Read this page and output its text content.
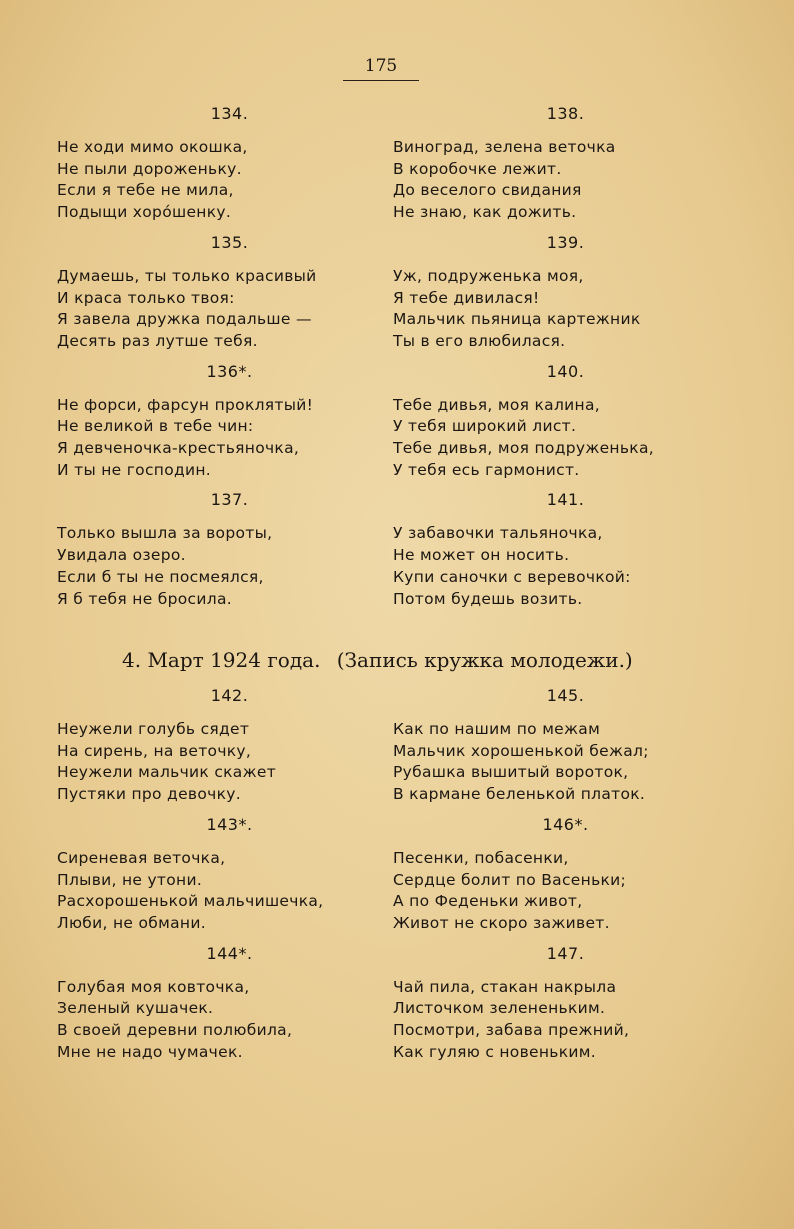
175
134.
Не ходи мимо окошка,
Не пыли дороженьку.
Если я тебе не мила,
Подыщи хоро́шенку.
135.
Думаешь, ты только красивый
И краса только твоя:
Я завела дружка подальше —
Десять раз лутше тебя.
136*.
Не форси, фарсун проклятый!
Не великой в тебе чин:
Я девченочка-крестьяночка,
И ты не господин.
137.
Только вышла за вороты,
Увидала озеро.
Если б ты не посмеялся,
Я б тебя не бросила.
138.
Виноград, зелена веточка
В коробочке лежит.
До веселого свидания
Не знаю, как дожить.
139.
Уж, подруженька моя,
Я тебе дивилася!
Мальчик пьяница картежник
Ты в его влюбилася.
140.
Тебе дивья, моя калина,
У тебя широкий лист.
Тебе дивья, моя подруженька,
У тебя есь гармонист.
141.
У забавочки тальяночка,
Не может он носить.
Купи саночки с веревочкой:
Потом будешь возить.
4. Март 1924 года. (Запись кружка молодежи.)
142.
Неужели голубь сядет
На сирень, на веточку,
Неужели мальчик скажет
Пустяки про девочку.
143*.
Сиреневая веточка,
Плыви, не утони.
Расхорошенькой мальчишечка,
Люби, не обмани.
144*.
Голубая моя ковточка,
Зеленый кушачек.
В своей деревни полюбила,
Мне не надо чумачек.
145.
Как по нашим по межам
Мальчик хорошенькой бежал;
Рубашка вышитый вороток,
В кармане беленькой платок.
146*.
Песенки, побасенки,
Сердце болит по Васеньки;
А по Феденьки живот,
Живот не скоро заживет.
147.
Чай пила, стакан накрыла
Листочком зелененьким.
Посмотри, забава прежний,
Как гуляю с новеньким.
